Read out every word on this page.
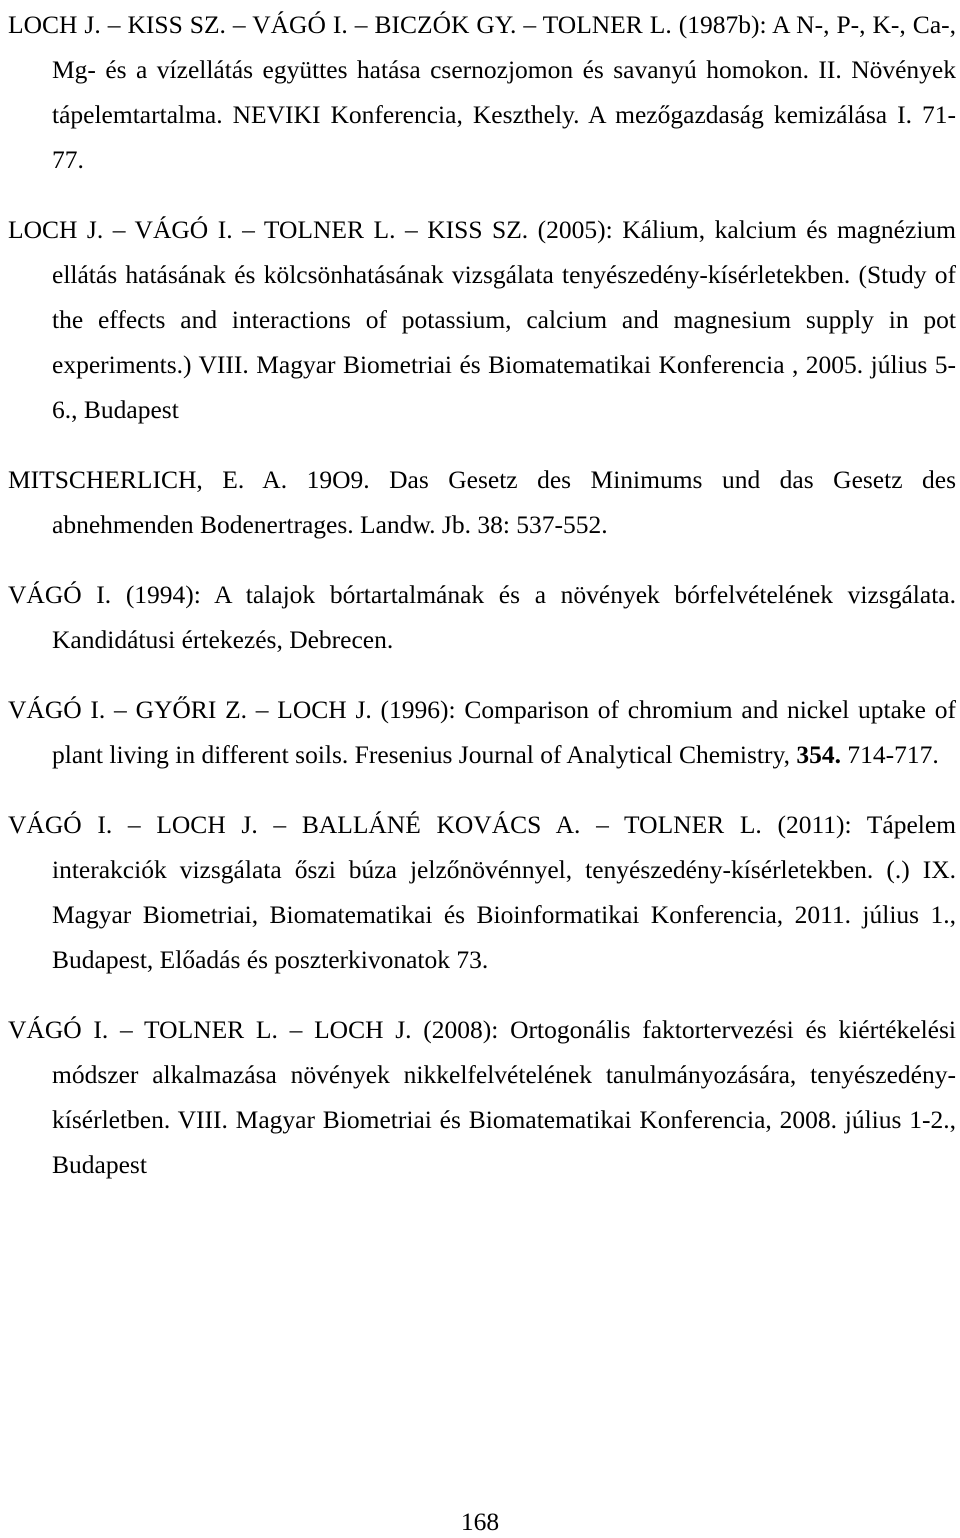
LOCH J. – KISS SZ. – VÁGÓ I. – BICZÓK GY. – TOLNER L. (1987b): A N-, P-, K-, Ca-, Mg- és a vízellátás együttes hatása csernozjomon és savanyú homokon. II. Növények tápelemtartalma. NEVIKI Konferencia, Keszthely. A mezőgazdaság kemizálása I. 71-77.

LOCH J. – VÁGÓ I. – TOLNER L. – KISS SZ. (2005): Kálium, kalcium és magnézium ellátás hatásának és kölcsönhatásának vizsgálata tenyészedény-kísérletekben. (Study of the effects and interactions of potassium, calcium and magnesium supply in pot experiments.) VIII. Magyar Biometriai és Biomatematikai Konferencia , 2005. július 5-6., Budapest

MITSCHERLICH, E. A. 19O9. Das Gesetz des Minimums und das Gesetz des abnehmenden Bodenertrages. Landw. Jb. 38: 537-552.

VÁGÓ I. (1994): A talajok bórtartalmának és a növények bórfelvételének vizsgálata. Kandidátusi értekezés, Debrecen.

VÁGÓ I. – GYŐRI Z. – LOCH J. (1996): Comparison of chromium and nickel uptake of plant living in different soils. Fresenius Journal of Analytical Chemistry, 354. 714-717.

VÁGÓ I. – LOCH J. – BALLÁNÉ KOVÁCS A. – TOLNER L. (2011): Tápelem interakciók vizsgálata őszi búza jelzőnövénnyel, tenyészedény-kísérletekben. (.) IX. Magyar Biometriai, Biomatematikai és Bioinformatikai Konferencia, 2011. július 1., Budapest, Előadás és poszterkivonatok 73.

VÁGÓ I. – TOLNER L. – LOCH J. (2008): Ortogonális faktortervezési és kiértékelési módszer alkalmazása növények nikkelfelvételének tanulmányozására, tenyészedény-kísérletben. VIII. Magyar Biometriai és Biomatematikai Konferencia, 2008. július 1-2., Budapest

168
